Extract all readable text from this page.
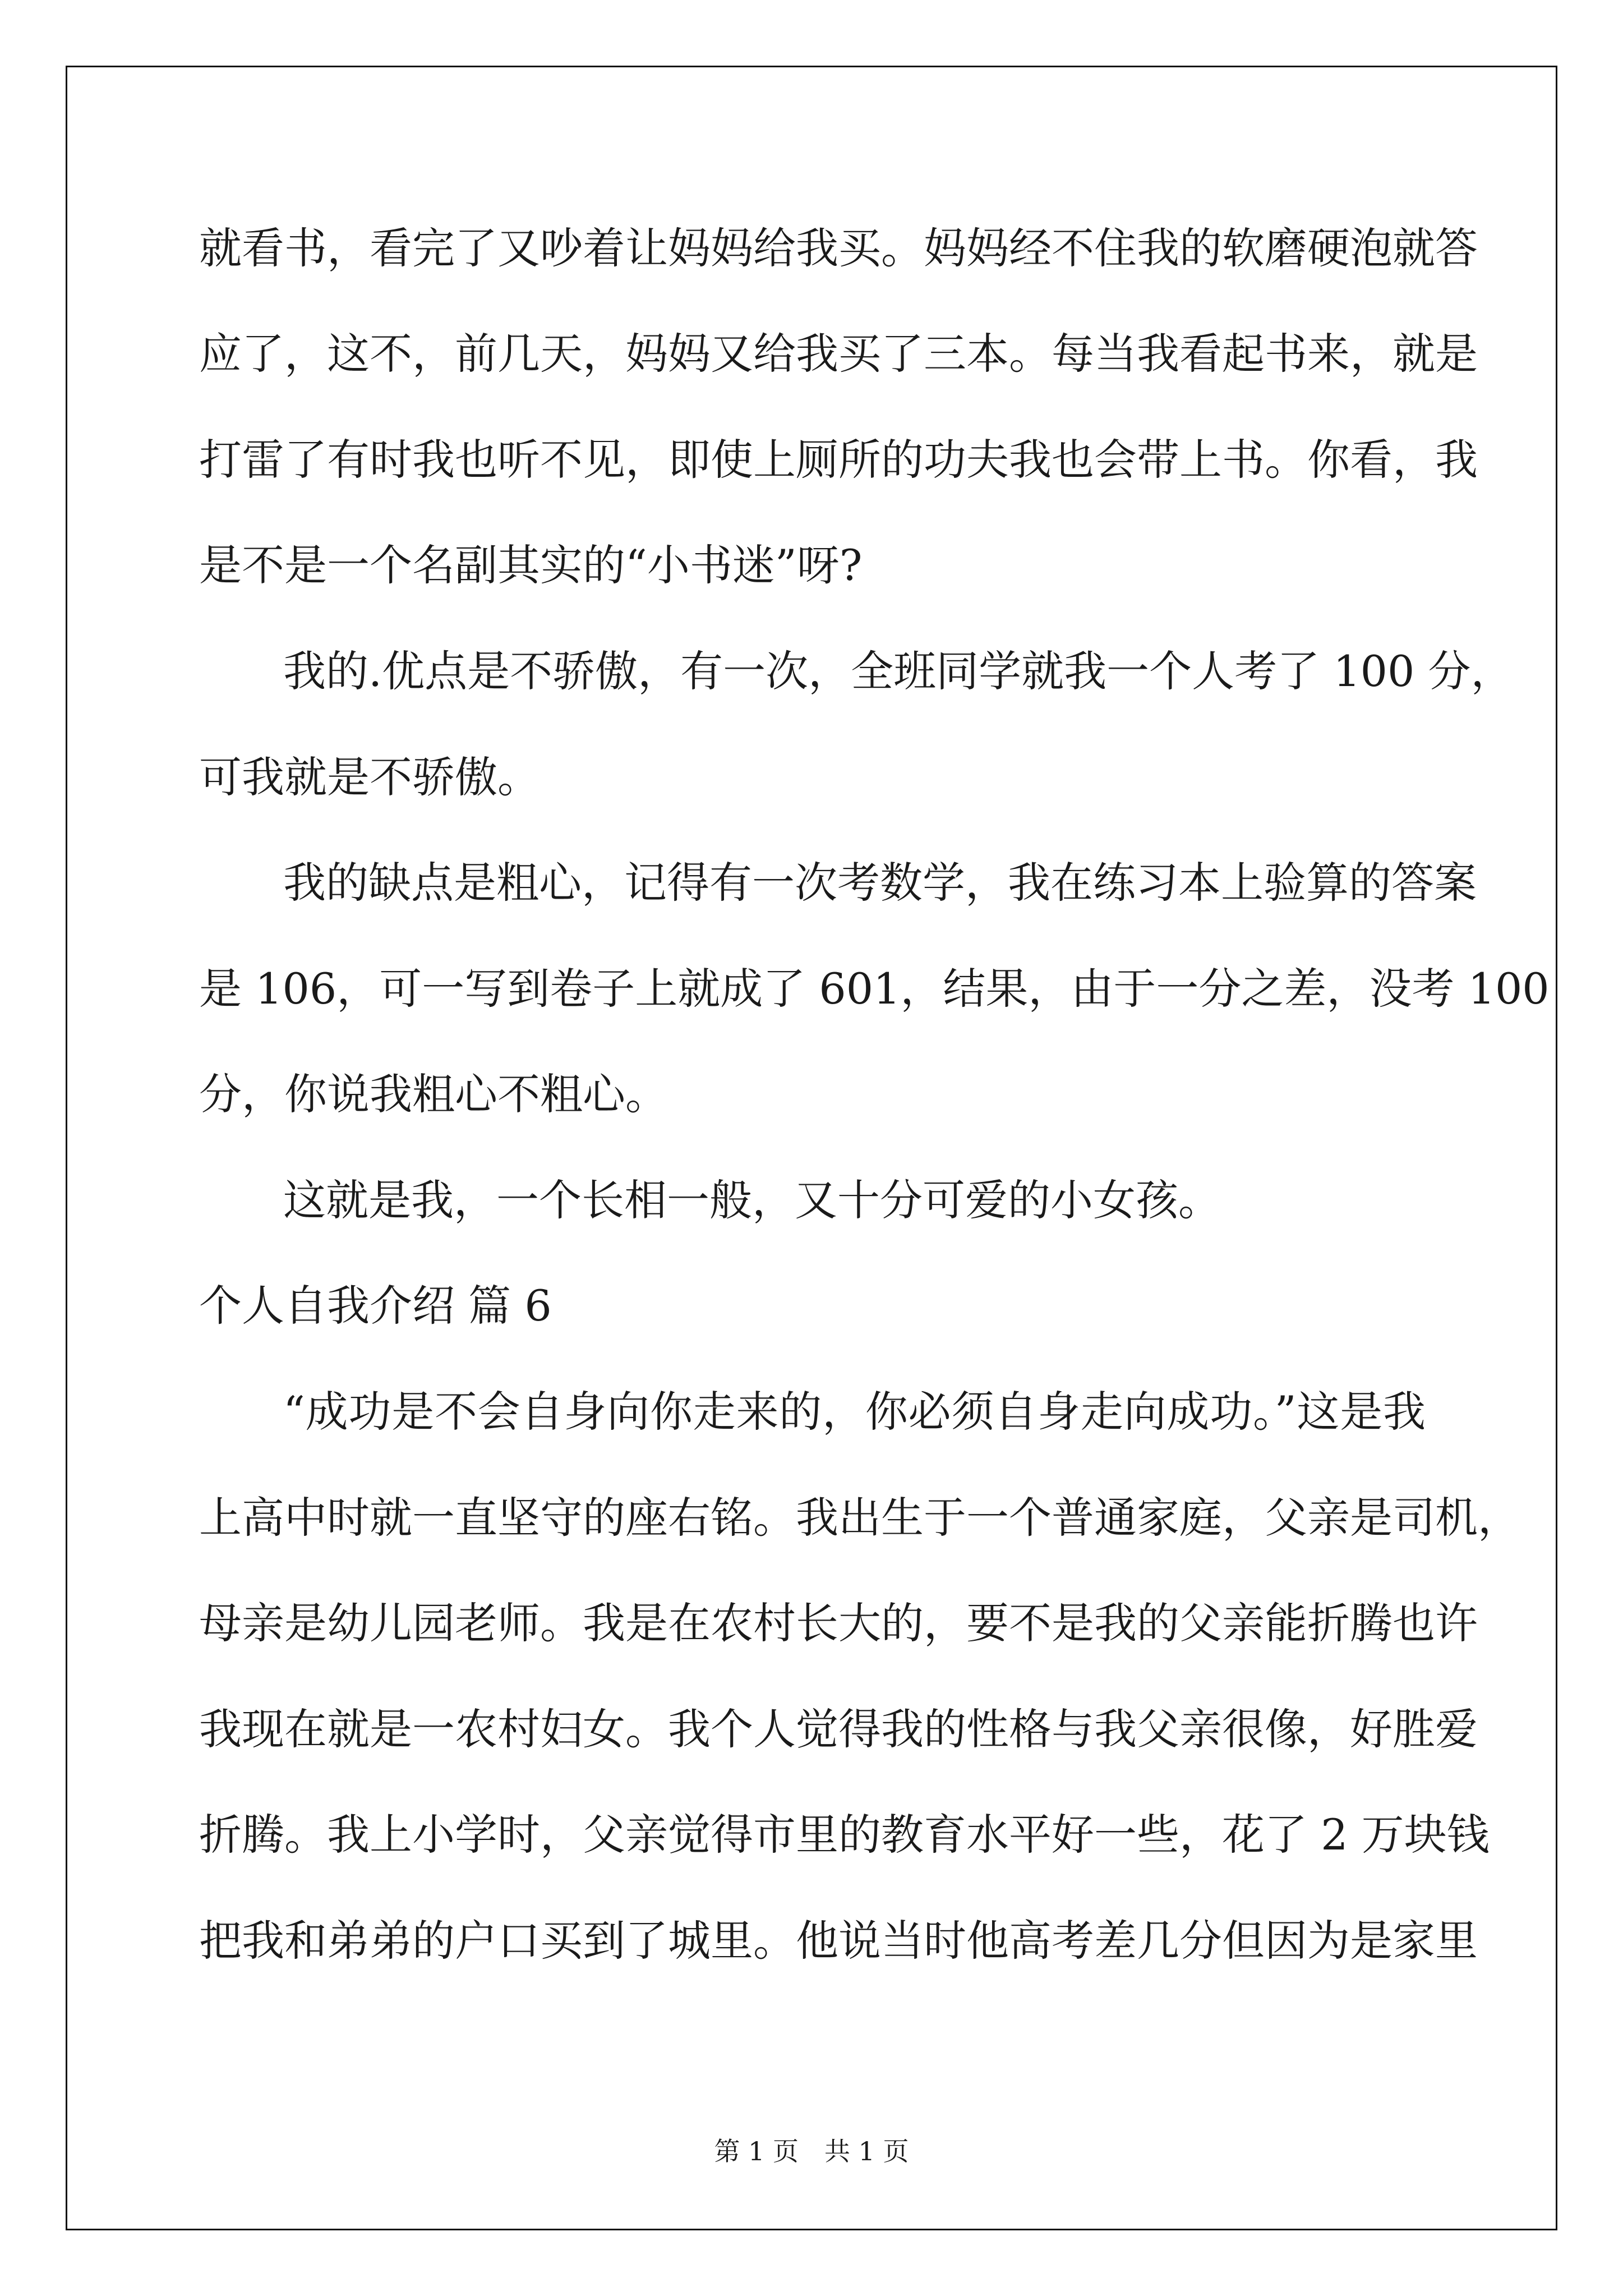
就看书，看完了又吵着让妈妈给我买。妈妈经不住我的软磨硬泡就答

应了，这不，前几天，妈妈又给我买了三本。每当我看起书来，就是

打雷了有时我也听不见，即使上厕所的功夫我也会带上书。你看，我

是不是一个名副其实的“小书迷”呀?

我的.优点是不骄傲，有一次，全班同学就我一个人考了 100 分，

可我就是不骄傲。

我的缺点是粗心，记得有一次考数学，我在练习本上验算的答案

是 106，可一写到卷子上就成了 601，结果，由于一分之差，没考 100

分，你说我粗心不粗心。

这就是我，一个长相一般，又十分可爱的小女孩。

个人自我介绍 篇 6

“成功是不会自身向你走来的，你必须自身走向成功。”这是我

上高中时就一直坚守的座右铭。我出生于一个普通家庭，父亲是司机，

母亲是幼儿园老师。我是在农村长大的，要不是我的父亲能折腾也许

我现在就是一农村妇女。我个人觉得我的性格与我父亲很像，好胜爱

折腾。我上小学时，父亲觉得市里的教育水平好一些，花了 2 万块钱

把我和弟弟的户口买到了城里。他说当时他高考差几分但因为是家里

第 1 页 共 1 页
